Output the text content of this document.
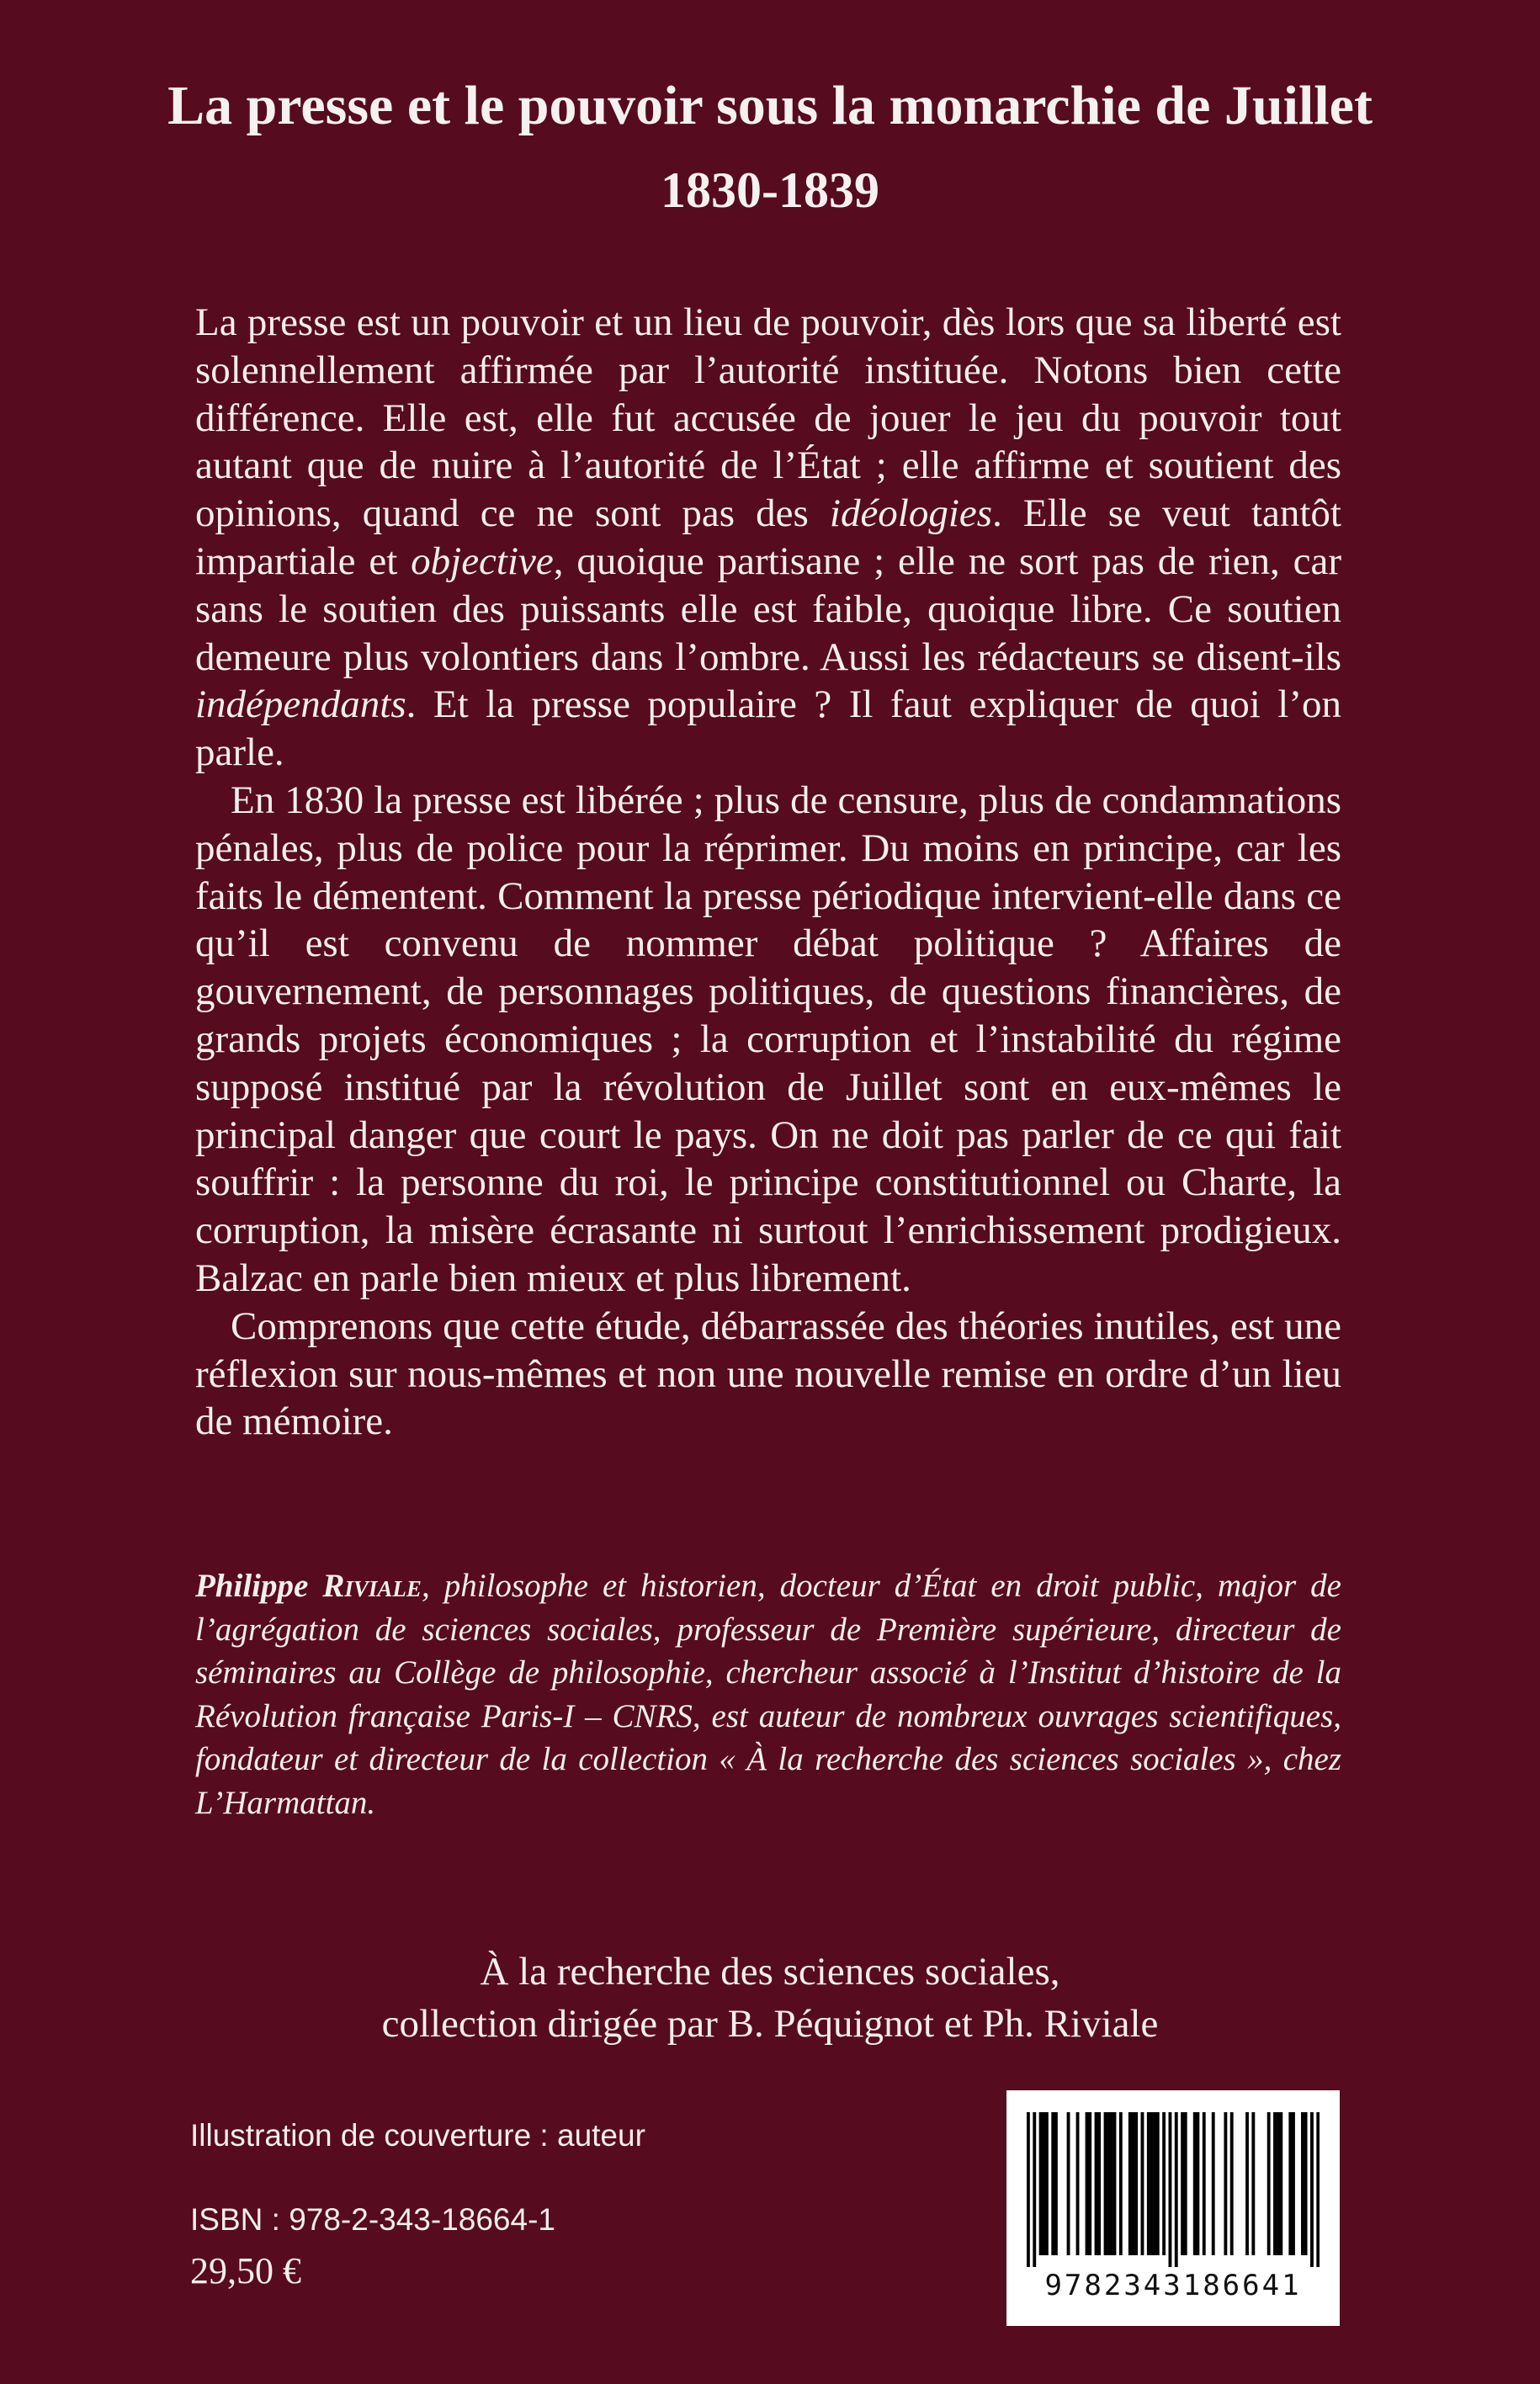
La presse et le pouvoir sous la monarchie de Juillet
1830-1839

La presse est un pouvoir et un lieu de pouvoir, dès lors que sa liberté est solennellement affirmée par l’autorité instituée. Notons bien cette différence. Elle est, elle fut accusée de jouer le jeu du pouvoir tout autant que de nuire à l’autorité de l’État ; elle affirme et soutient des opinions, quand ce ne sont pas des idéologies. Elle se veut tantôt impartiale et objective, quoique partisane ; elle ne sort pas de rien, car sans le soutien des puissants elle est faible, quoique libre. Ce soutien demeure plus volontiers dans l’ombre. Aussi les rédacteurs se disent-ils indépendants. Et la presse populaire ? Il faut expliquer de quoi l’on parle.

En 1830 la presse est libérée ; plus de censure, plus de condamnations pénales, plus de police pour la réprimer. Du moins en principe, car les faits le démentent. Comment la presse périodique intervient-elle dans ce qu’il est convenu de nommer débat politique ? Affaires de gouvernement, de personnages politiques, de questions financières, de grands projets économiques ; la corruption et l’instabilité du régime supposé institué par la révolution de Juillet sont en eux-mêmes le principal danger que court le pays. On ne doit pas parler de ce qui fait souffrir : la personne du roi, le principe constitutionnel ou Charte, la corruption, la misère écrasante ni surtout l’enrichissement prodigieux. Balzac en parle bien mieux et plus librement.

Comprenons que cette étude, débarrassée des théories inutiles, est une réflexion sur nous-mêmes et non une nouvelle remise en ordre d’un lieu de mémoire.

Philippe Riviale, philosophe et historien, docteur d’État en droit public, major de l’agrégation de sciences sociales, professeur de Première supérieure, directeur de séminaires au Collège de philosophie, chercheur associé à l’Institut d’histoire de la Révolution française Paris-I – CNRS, est auteur de nombreux ouvrages scientifiques, fondateur et directeur de la collection « À la recherche des sciences sociales », chez L’Harmattan.

À la recherche des sciences sociales,
collection dirigée par B. Péquignot et Ph. Riviale
Illustration de couverture : auteur
ISBN : 978-2-343-18664-1
29,50 €	9782343186641
